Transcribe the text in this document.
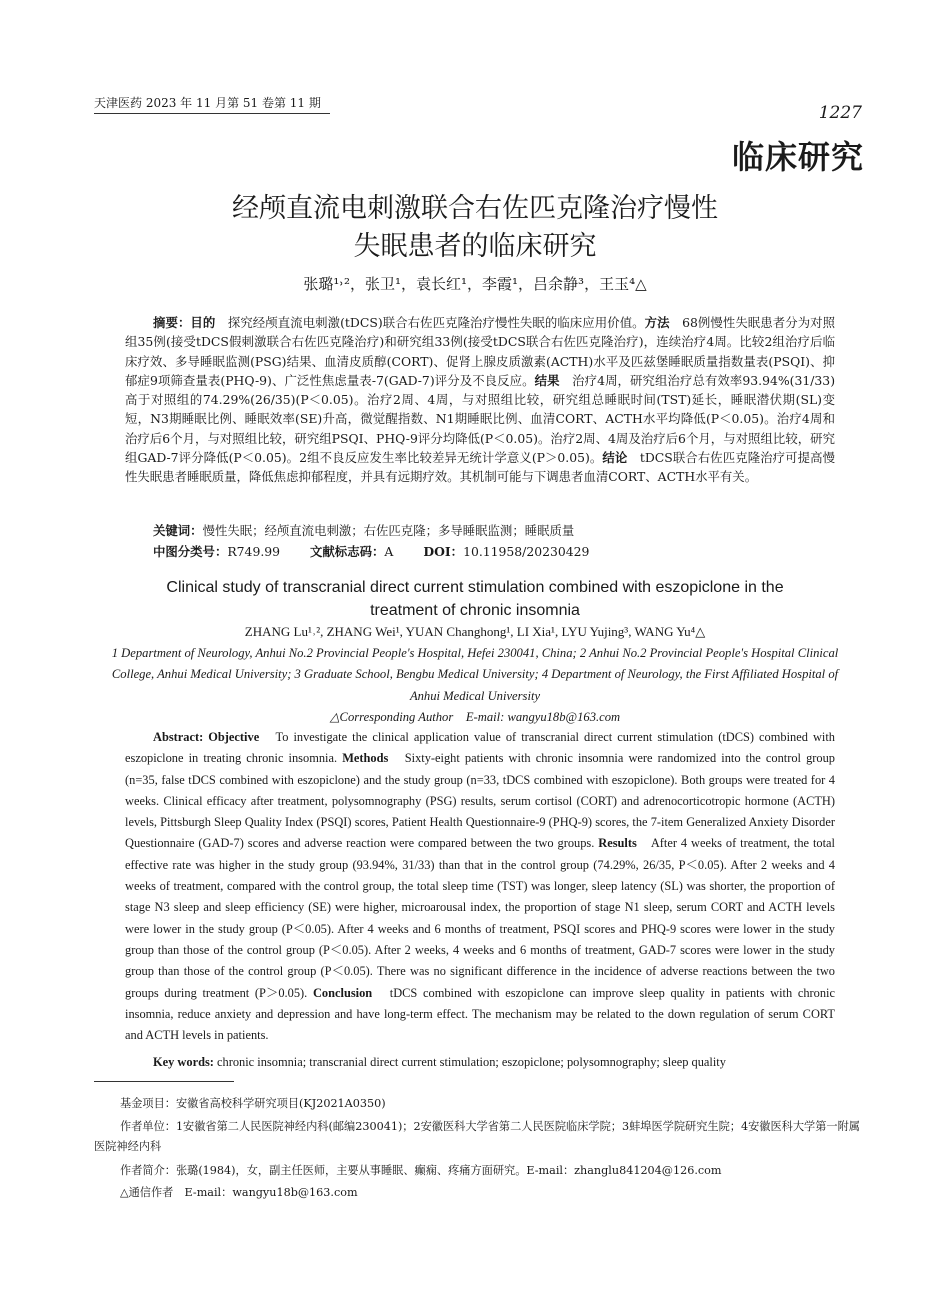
天津医药 2023 年 11 月第 51 卷第 11 期	1227
临床研究
经颅直流电刺激联合右佐匹克隆治疗慢性
失眠患者的临床研究
张璐¹˒²，张卫¹，袁长红¹，李霞¹，吕余静³，王玉⁴△
摘要：目的　 探究经颅直流电刺激(tDCS)联合右佐匹克隆治疗慢性失眠的临床应用价值。方法　 68例慢性失眠患者分为对照组35例(接受tDCS假刺激联合右佐匹克隆治疗)和研究组33例(接受tDCS联合右佐匹克隆治疗)，连续治疗4周。比较2组治疗后临床疗效、多导睡眠监测(PSG)结果、血清皮质醇(CORT)、促肾上腺皮质激素(ACTH)水平及匹兹堡睡眠质量指数量表(PSQI)、抑郁症9项筛查量表(PHQ-9)、广泛性焦虑量表-7(GAD-7)评分及不良反应。结果　 治疗4周，研究组治疗总有效率93.94%(31/33)高于对照组的74.29%(26/35)(P＜0.05)。治疗2周、4周，与对照组比较，研究组总睡眠时间(TST)延长，睡眠潜伏期(SL)变短，N3期睡眠比例、睡眠效率(SE)升高，微觉醒指数、N1期睡眠比例、血清CORT、ACTH水平均降低(P＜0.05)。治疗4周和治疗后6个月，与对照组比较，研究组PSQI、PHQ-9评分均降低(P＜0.05)。治疗2周、4周及治疗后6个月，与对照组比较，研究组GAD-7评分降低(P＜0.05)。2组不良反应发生率比较差异无统计学意义(P＞0.05)。结论　 tDCS联合右佐匹克隆治疗可提高慢性失眠患者睡眠质量，降低焦虑抑郁程度，并具有远期疗效。其机制可能与下调患者血清CORT、ACTH水平有关。
关键词：慢性失眠；经颅直流电刺激；右佐匹克隆；多导睡眠监测；睡眠质量
中图分类号：R749.99 文献标志码：A DOI：10.11958/20230429
Clinical study of transcranial direct current stimulation combined with eszopiclone in the
treatment of chronic insomnia
ZHANG Lu¹˒², ZHANG Wei¹, YUAN Changhong¹, LI Xia¹, LYU Yujing³, WANG Yu⁴△
1 Department of Neurology, Anhui No.2 Provincial People's Hospital, Hefei 230041, China; 2 Anhui No.2 Provincial People's Hospital Clinical College, Anhui Medical University; 3 Graduate School, Bengbu Medical University; 4 Department of Neurology, the First Affiliated Hospital of Anhui Medical University
△Corresponding Author　E-mail: wangyu18b@163.com
Abstract: Objective　 To investigate the clinical application value of transcranial direct current stimulation (tDCS) combined with eszopiclone in treating chronic insomnia. Methods　 Sixty-eight patients with chronic insomnia were randomized into the control group (n=35, false tDCS combined with eszopiclone) and the study group (n=33, tDCS combined with eszopiclone). Both groups were treated for 4 weeks. Clinical efficacy after treatment, polysomnography (PSG) results, serum cortisol (CORT) and adrenocorticotropic hormone (ACTH) levels, Pittsburgh Sleep Quality Index (PSQI) scores, Patient Health Questionnaire-9 (PHQ-9) scores, the 7-item Generalized Anxiety Disorder Questionnaire (GAD-7) scores and adverse reaction were compared between the two groups. Results　 After 4 weeks of treatment, the total effective rate was higher in the study group (93.94%, 31/33) than that in the control group (74.29%, 26/35, P＜0.05). After 2 weeks and 4 weeks of treatment, compared with the control group, the total sleep time (TST) was longer, sleep latency (SL) was shorter, the proportion of stage N3 sleep and sleep efficiency (SE) were higher, microarousal index, the proportion of stage N1 sleep, serum CORT and ACTH levels were lower in the study group (P＜0.05). After 4 weeks and 6 months of treatment, PSQI scores and PHQ-9 scores were lower in the study group than those of the control group (P＜0.05). After 2 weeks, 4 weeks and 6 months of treatment, GAD-7 scores were lower in the study group than those of the control group (P＜0.05). There was no significant difference in the incidence of adverse reactions between the two groups during treatment (P＞0.05). Conclusion　 tDCS combined with eszopiclone can improve sleep quality in patients with chronic insomnia, reduce anxiety and depression and have long-term effect. The mechanism may be related to the down regulation of serum CORT and ACTH levels in patients.
Key words: chronic insomnia; transcranial direct current stimulation; eszopiclone; polysomnography; sleep quality
基金项目：安徽省高校科学研究项目(KJ2021A0350)
作者单位：1安徽省第二人民医院神经内科(邮编230041)；2安徽医科大学省第二人民医院临床学院；3蚌埠医学院研究生院；4安徽医科大学第一附属医院神经内科
作者简介：张璐(1984)，女，副主任医师，主要从事睡眠、癫痫、疼痛方面研究。E-mail：zhanglu841204@126.com
△通信作者　E-mail：wangyu18b@163.com
